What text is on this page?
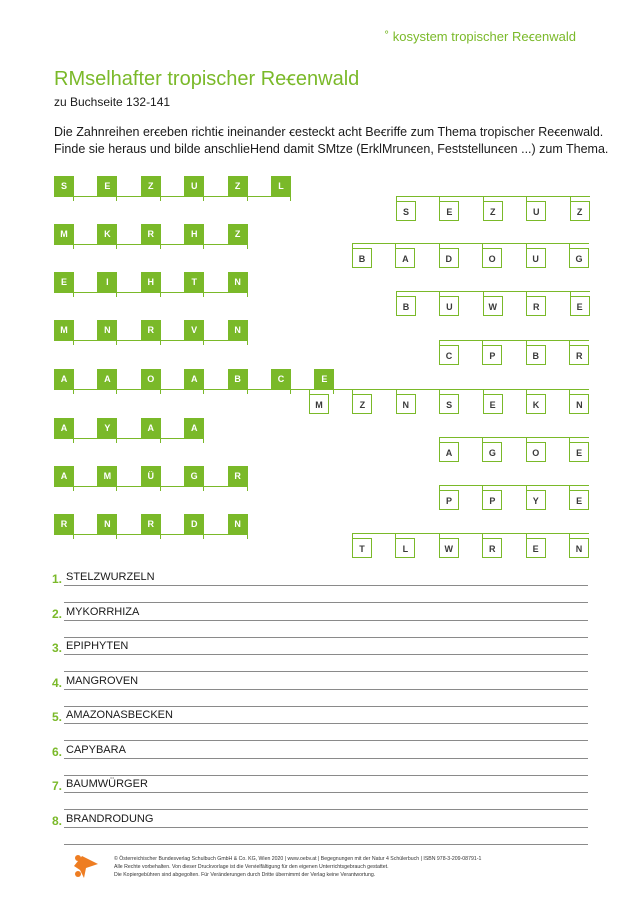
˚ kosystem tropischer Reꞓenwald
RMselhafter tropischer Reꞓenwald
zu Buchseite 132-141

Die Zahnreihen erꞓeben richtiꞓ ineinander ꞓesteckt acht Beꞓriffe zum Thema tropischer Reꞓenwald.
Finde sie heraus und bilde anschlieHend damit SMtze (ErklMrunꞓen, Feststellunꞓen ...) zum Thema.

S	E	Z	U	Z	L
S	E	Z	U	Z
M	K	R	H	Z
B	A	D	O	U	G
E	I	H	T	N
B	U	W	R	E
M	N	R	V	N
C	P	B	R
A	A	O	A	B	C	E
M	Z	N	S	E	K	N
A	Y	A	A
A	G	O	E
A	M	Ü	G	R
P	P	Y	E
R	N	R	D	N
T	L	W	R	E	N
1. STELZWURZELN
2. MYKORRHIZA
3. EPIPHYTEN
4. MANGROVEN
5. AMAZONASBECKEN
6. CAPYBARA
7. BAUMWÜRGER
8. BRANDRODUNG
© Österreichischer Bundesverlag Schulbuch GmbH & Co. KG, Wien 2020 | www.oebv.at | Begegnungen mit der Natur 4 Schülerbuch | ISBN 978-3-209-08791-1
Alle Rechte vorbehalten. Von dieser Druckvorlage ist die Vervielfältigung für den eigenen Unterrichtsgebrauch gestattet.
Die Kopiergebühren sind abgegolten. Für Veränderungen durch Dritte übernimmt der Verlag keine Verantwortung.
